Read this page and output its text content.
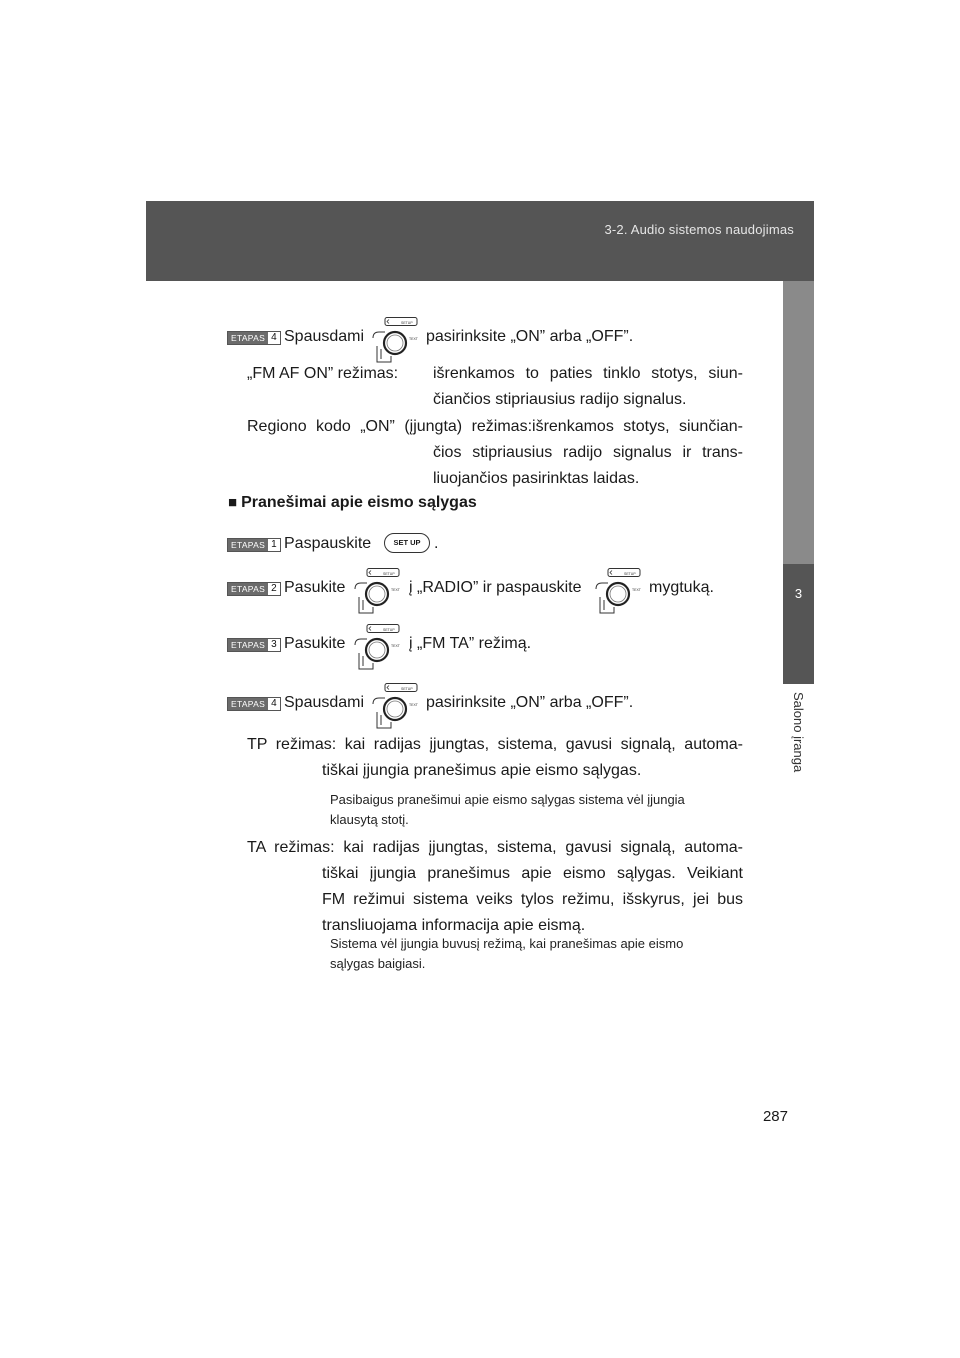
3-2. Audio sistemos naudojimas
3
Salono įranga
ETAPAS 4 Spausdami
SETUP
TEXT pasirinksite „ON” arba „OFF”.
„FM AF ON” režimas: išrenkamos to paties tinklo stotys, siun-
čiančios stipriausius radijo signalus.
Regiono kodo „ON” (įjungta) režimas:išrenkamos stotys, siunčian-
čios stipriausius radijo signalus ir trans-
liuojančios pasirinktas laidas.
■ Pranešimai apie eismo sąlygas
ETAPAS 1 Paspauskite	SET UP .
ETAPAS 2 Pasukite
SETUP
TEXT į „RADIO” ir paspauskite
SETUP
TEXT mygtuką.
ETAPAS 3 Pasukite
SETUP
TEXT į „FM TA” režimą.
ETAPAS 4 Spausdami
SETUP
TEXT pasirinksite „ON” arba „OFF”.
TP režimas: kai radijas įjungtas, sistema, gavusi signalą, automa-
tiškai įjungia pranešimus apie eismo sąlygas.
Pasibaigus pranešimui apie eismo sąlygas sistema vėl įjungia
klausytą stotį.
TA režimas: kai radijas įjungtas, sistema, gavusi signalą, automa-
tiškai įjungia pranešimus apie eismo sąlygas. Veikiant
FM režimui sistema veiks tylos režimu, išskyrus, jei bus
transliuojama informacija apie eismą.
Sistema vėl įjungia buvusį režimą, kai pranešimas apie eismo
sąlygas baigiasi.
287
